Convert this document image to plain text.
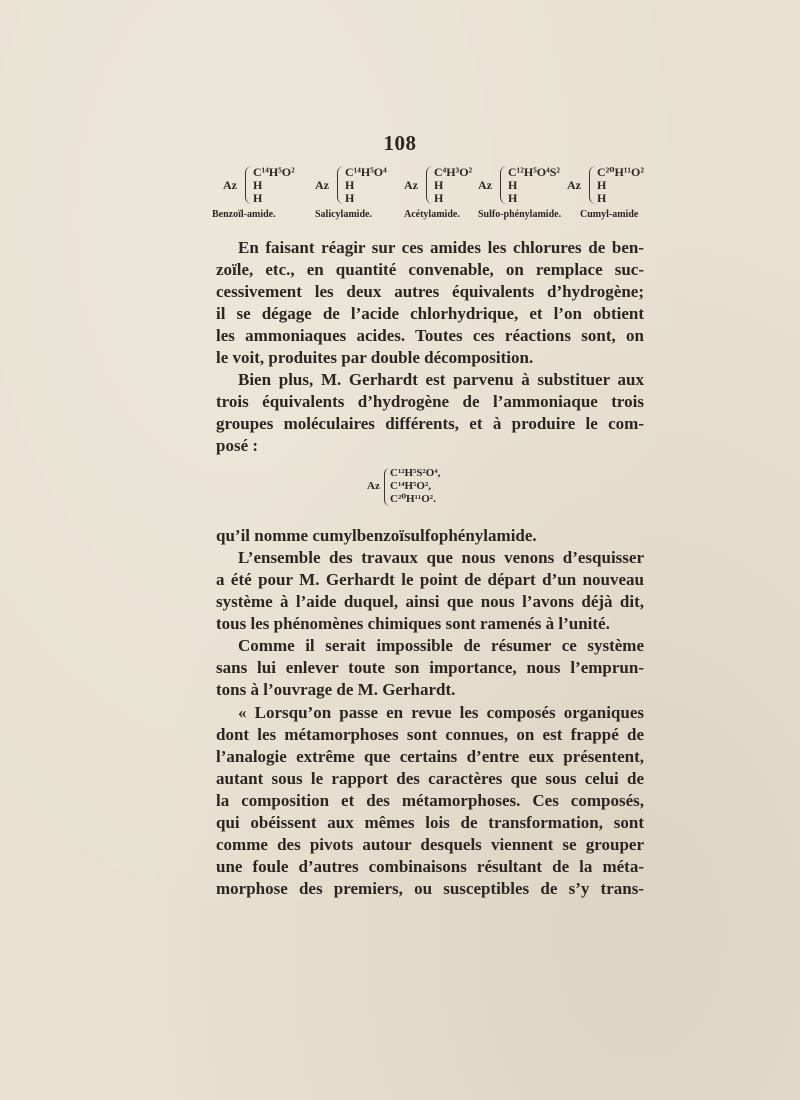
108
Az
C¹⁴H⁵O²
H
H
Az
C¹⁴H⁵O⁴
H
H
Az
C⁴H³O²
H
H
Az
C¹²H⁵O⁴S²
H
H
Az
C²⁰H¹¹O²
H
H
Benzoïl-amide.	Salicylamide.	Acétylamide. Sulfo-phénylamide. Cumyl-amide
En faisant réagir sur ces amides les chlorures de ben-
zoïle, etc., en quantité convenable, on remplace suc-
cessivement les deux autres équivalents d’hydrogène;
il se dégage de l’acide chlorhydrique, et l’on obtient
les ammoniaques acides. Toutes ces réactions sont, on
le voit, produites par double décomposition.
Bien plus, M. Gerhardt est parvenu à substituer aux
trois équivalents d’hydrogène de l’ammoniaque trois
groupes moléculaires différents, et à produire le com-
posé :
Az
C¹²H⁵S²O⁴,
C¹⁴H⁵O²,
C²⁰H¹¹O².
qu’il nomme cumylbenzoïsulfophénylamide.
L’ensemble des travaux que nous venons d’esquisser
a été pour M. Gerhardt le point de départ d’un nouveau
système à l’aide duquel, ainsi que nous l’avons déjà dit,
tous les phénomènes chimiques sont ramenés à l’unité.
Comme il serait impossible de résumer ce système
sans lui enlever toute son importance, nous l’emprun-
tons à l’ouvrage de M. Gerhardt.
« Lorsqu’on passe en revue les composés organiques
dont les métamorphoses sont connues, on est frappé de
l’analogie extrême que certains d’entre eux présentent,
autant sous le rapport des caractères que sous celui de
la composition et des métamorphoses. Ces composés,
qui obéissent aux mêmes lois de transformation, sont
comme des pivots autour desquels viennent se grouper
une foule d’autres combinaisons résultant de la méta-
morphose des premiers, ou susceptibles de s’y trans-
